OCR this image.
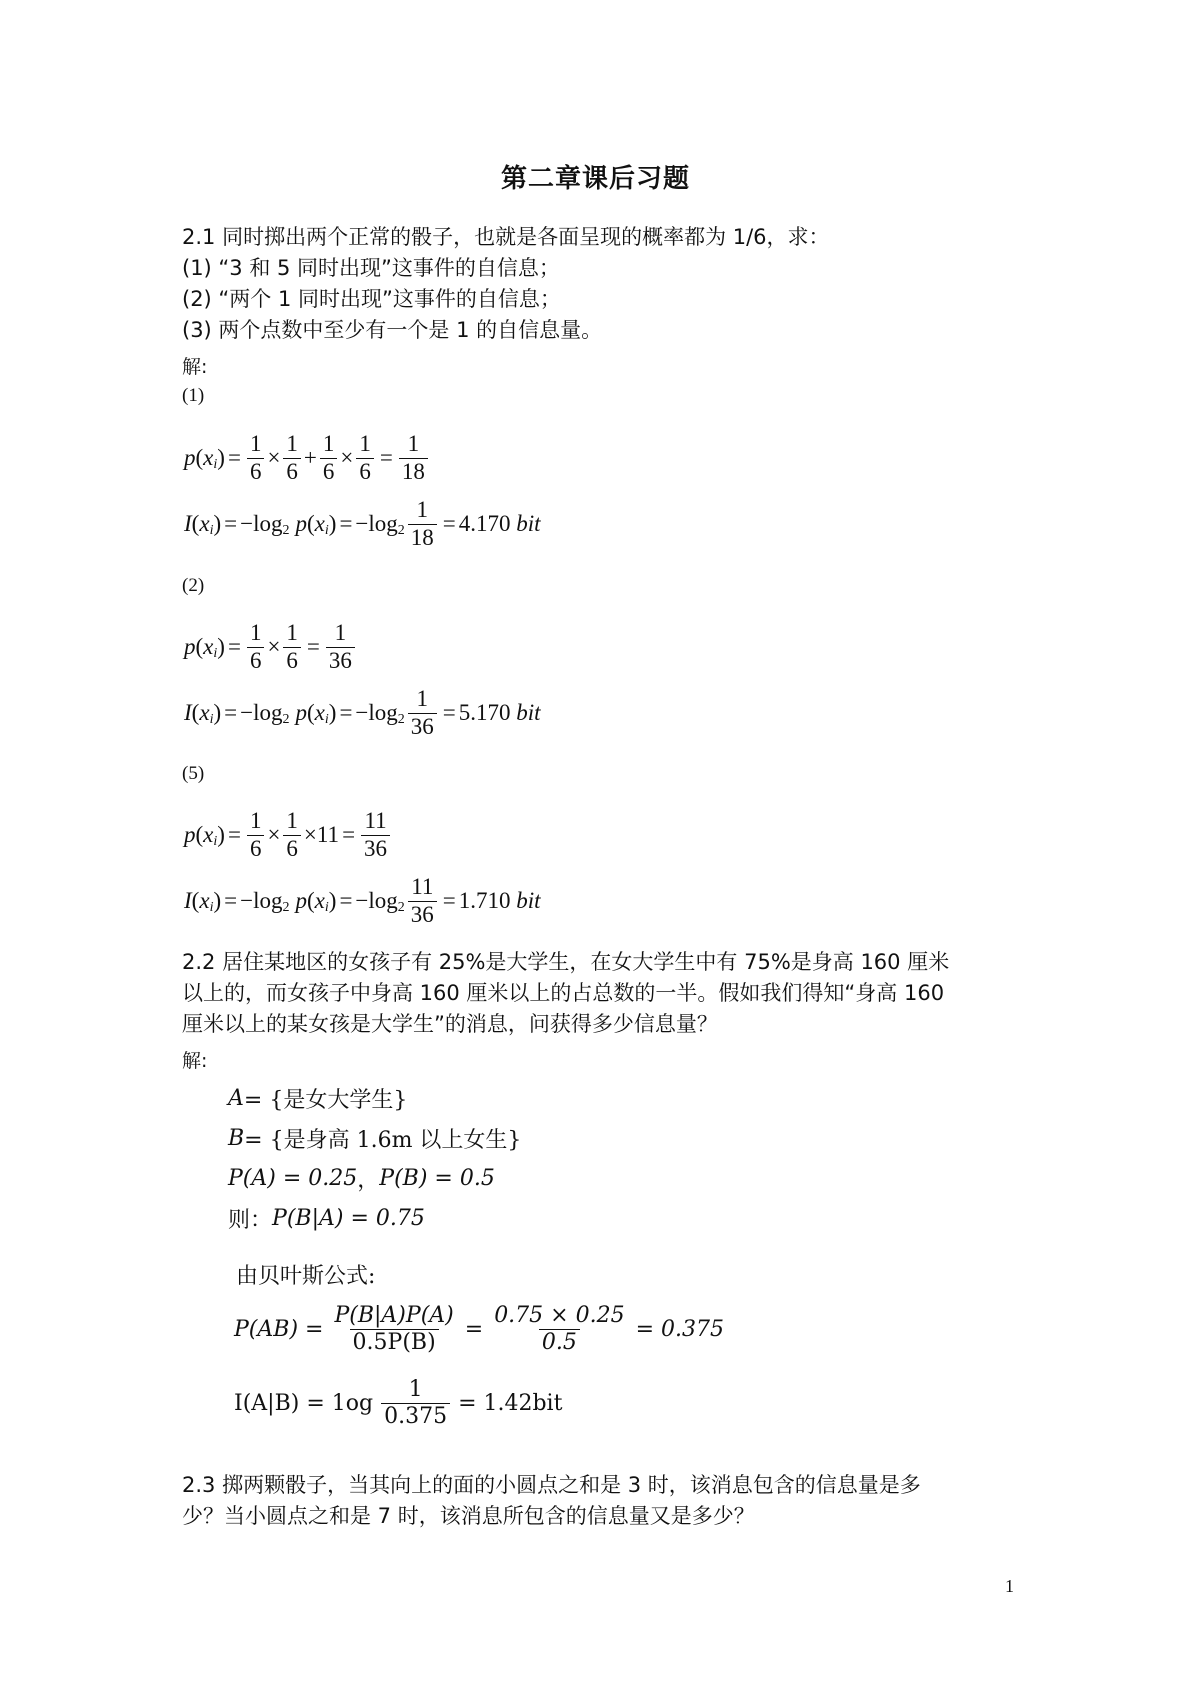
第二章课后习题
2.1 同时掷出两个正常的骰子，也就是各面呈现的概率都为 1/6，求：
(1) “3 和 5 同时出现”这事件的自信息；
(2) “两个 1 同时出现”这事件的自信息；
(3) 两个点数中至少有一个是 1 的自信息量。
解:
(1)
p ( x i ) = $\frac{1}{6} \times \frac{1}{6} + \frac{1}{6} \times \frac{1}{6} = \frac{1}{18}$
I ( x i ) = − log 2 p ( x i ) = − $\log 2 \frac{1}{18} = 4.170$
bit
(2)
p ( x i ) = $\frac{1}{6} \times \frac{1}{6} = \frac{1}{36}$
I ( x i ) = − log 2 p ( x i ) = − $\log 2 \frac{1}{36} = 5.170$
bit
(5)
p ( x i ) = $\frac{1}{6} \times \frac{1}{6} \times 11 = \frac{11}{36}$
I ( x i ) = − log 2 p ( x i ) = − $\log 2 \frac{11}{36} = 1.710$
bit
2.2 居住某地区的女孩子有 25%是大学生，在女大学生中有 75%是身高 160 厘米
以上的，而女孩子中身高 160 厘米以上的占总数的一半。假如我们得知“身高 160
厘米以上的某女孩是大学生”的消息，问获得多少信息量？
解:
A = {是女大学生}
B = {是身高 1.6m 以上女生}
P(A) = 0.25 ， P(B) = 0.5
则： P(B|A) = 0.75
由贝叶斯公式:
$P(AB) = \frac{P(B|A)P(A)}{0.5P(B)} = \frac{0.75 \times 0.25}{0.5} = 0.375$
$I(A|B) = 1og \frac{1}{0.375} = 1.42bit$
2.3 掷两颗骰子，当其向上的面的小圆点之和是 3 时，该消息包含的信息量是多
少？当小圆点之和是 7 时，该消息所包含的信息量又是多少？
1
